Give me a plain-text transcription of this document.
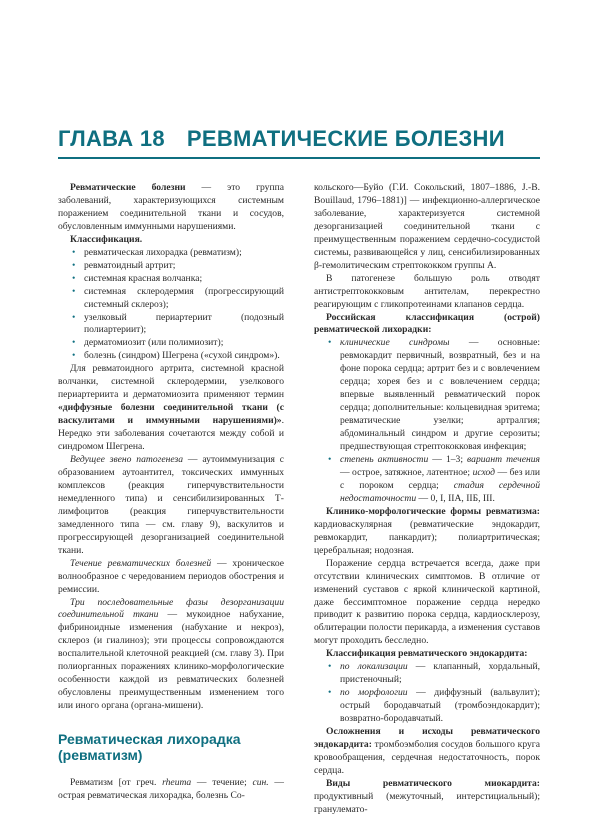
ГЛАВА 18 РЕВМАТИЧЕСКИЕ БОЛЕЗНИ

Ревматические болезни — это группа заболеваний, характеризующихся системным поражением соединительной ткани и сосудов, обусловленным иммунными нарушениями.

Классификация.

• ревматическая лихорадка (ревматизм);
• ревматоидный артрит;
• системная красная волчанка;
• системная склеродермия (прогрессирующий системный склероз);
• узелковый периартериит (подозный полиартериит);
• дерматомиозит (или полимиозит);
• болезнь (синдром) Шегрена («сухой синдром»).

Для ревматоидного артрита, системной красной волчанки, системной склеродермии, узелкового периартериита и дерматомиозита применяют термин «диффузные болезни соединительной ткани (с васкулитами и иммунными нарушениями)». Нередко эти заболевания сочетаются между собой и синдромом Шегрена.

Ведущее звено патогенеза — аутоиммунизация с образованием аутоантител, токсических иммунных комплексов (реакция гиперчувствительности немедленного типа) и сенсибилизированных Т-лимфоцитов (реакция гиперчувствительности замедленного типа — см. главу 9), васкулитов и прогрессирующей дезорганизацией соединительной ткани.

Течение ревматических болезней — хроническое волнообразное с чередованием периодов обострения и ремиссии.

Три последовательные фазы дезорганизации соединительной ткани — мукоидное набухание, фибриноидные изменения (набухание и некроз), склероз (и гиалиноз); эти процессы сопровождаются воспалительной клеточной реакцией (см. главу 3). При полиорганных поражениях клинико-морфологические особенности каждой из ревматических болезней обусловлены преимущественным изменением того или иного органа (органа-мишени).

Ревматическая лихорадка (ревматизм)

Ревматизм [от греч. rheuma — течение; син. — острая ревматическая лихорадка, болезнь Со-

кольского—Буйо (Г.И. Сокольский, 1807–1886, J.-B. Bouillaud, 1796–1881)] — инфекционно-аллергическое заболевание, характеризуется системной дезорганизацией соединительной ткани с преимущественным поражением сердечно-сосудистой системы, развивающейся у лиц, сенсибилизированных β-гемолитическим стрептококком группы А.

В патогенезе большую роль отводят антистрептококковым антителам, перекрестно реагирующим с гликопротеинами клапанов сердца.

Российская классификация (острой) ревматической лихорадки:

• клинические синдромы — основные: ревмокардит первичный, возвратный, без и на фоне порока сердца; артрит без и с вовлечением сердца; хорея без и с вовлечением сердца; впервые выявленный ревматический порок сердца; дополнительные: кольцевидная эритема; ревматические узелки; артралгия; абдоминальный синдром и другие серозиты; предшествующая стрептококковая инфекция;
• степень активности — 1–3; вариант течения — острое, затяжное, латентное; исход — без или с пороком сердца; стадия сердечной недостаточности — 0, I, IIA, IIБ, III.

Клинико-морфологические формы ревматизма: кардиоваскулярная (ревматические эндокардит, ревмокардит, панкардит); полиартритическая; церебральная; нодозная.

Поражение сердца встречается всегда, даже при отсутствии клинических симптомов. В отличие от изменений суставов с яркой клинической картиной, даже бессимптомное поражение сердца нередко приводит к развитию порока сердца, кардиосклерозу, облитерации полости перикарда, а изменения суставов могут проходить бесследно.

Классификация ревматического эндокардита:

• по локализации — клапанный, хордальный, пристеночный;
• по морфологии — диффузный (вальвулит); острый бородавчатый (тромбоэндокардит); возвратно-бородавчатый.

Осложнения и исходы ревматического эндокардита: тромбоэмболия сосудов большого круга кровообращения, сердечная недостаточность, порок сердца.

Виды ревматического миокардита: продуктивный (межуточный, интерстициальный); гранулемато-
